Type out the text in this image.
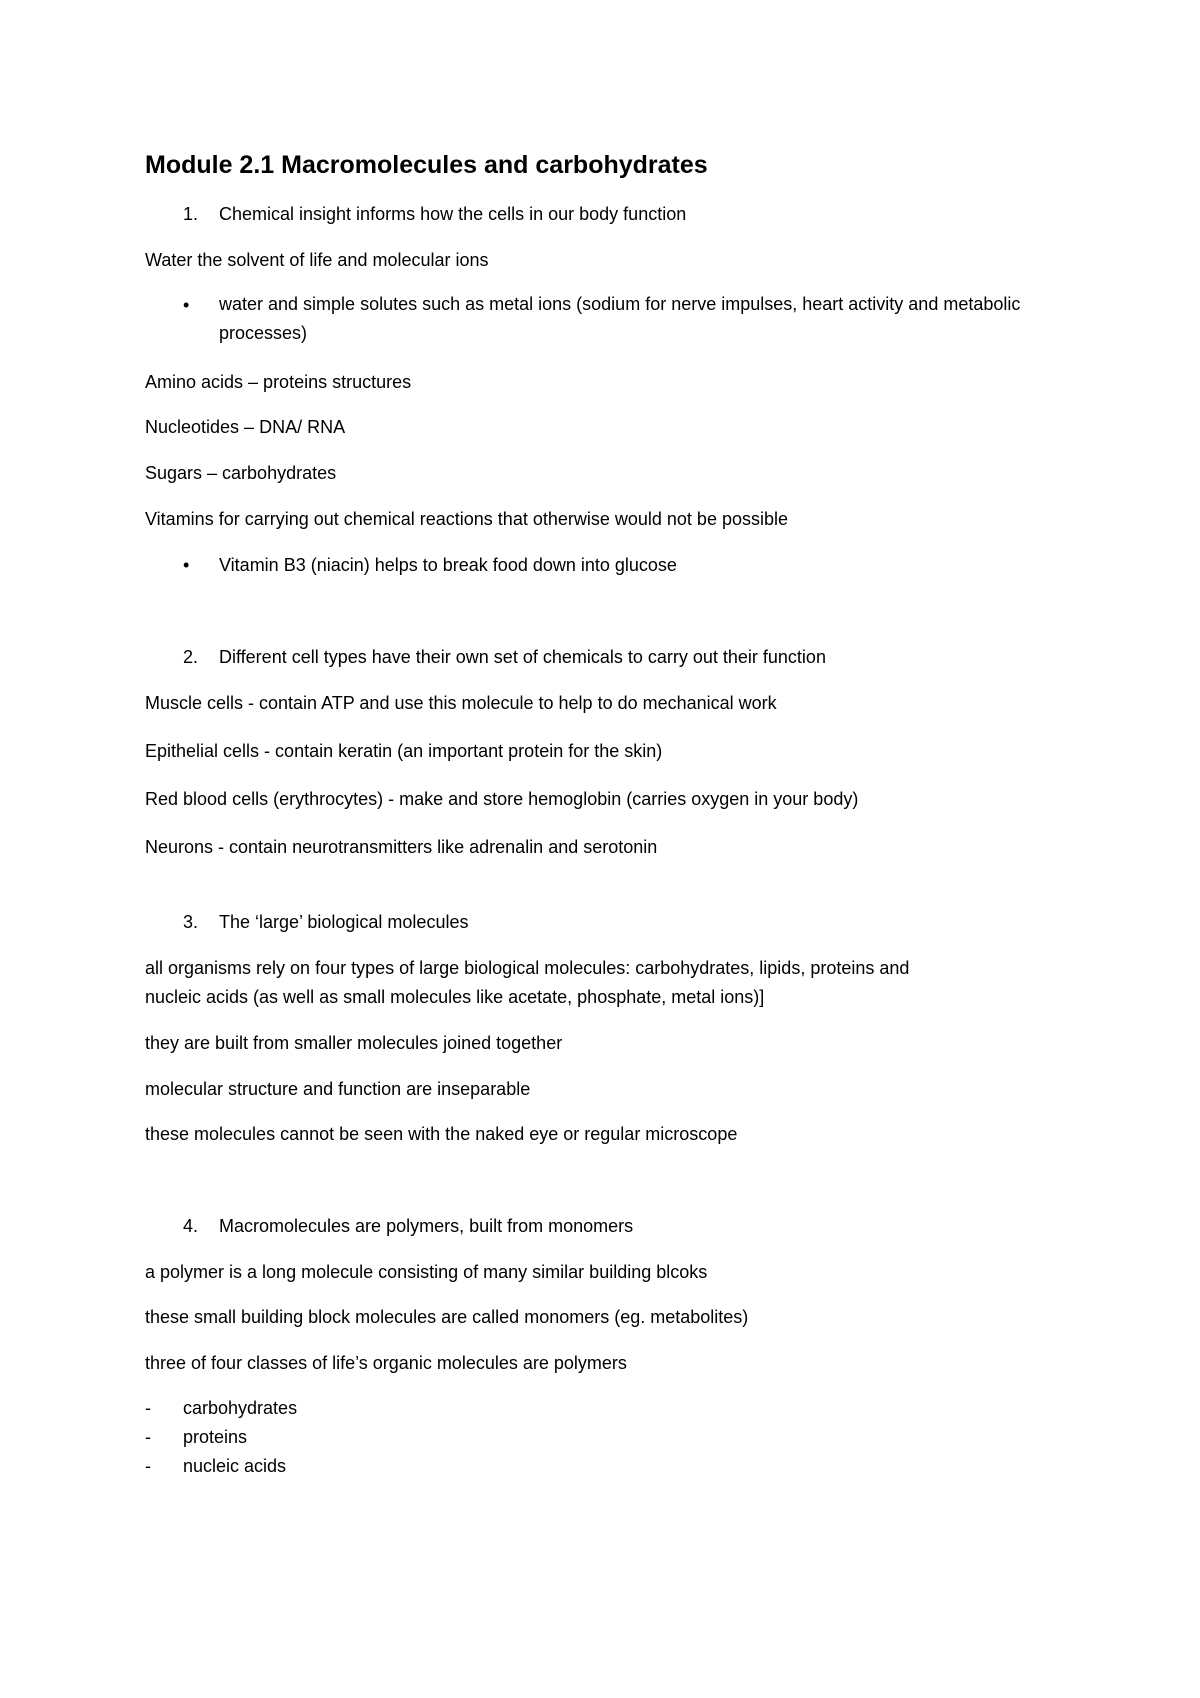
Module 2.1 Macromolecules and carbohydrates
1. Chemical insight informs how the cells in our body function
Water the solvent of life and molecular ions
• water and simple solutes such as metal ions (sodium for nerve impulses, heart activity and metabolic processes)
Amino acids – proteins structures
Nucleotides – DNA/ RNA
Sugars – carbohydrates
Vitamins for carrying out chemical reactions that otherwise would not be possible
• Vitamin B3 (niacin) helps to break food down into glucose
2. Different cell types have their own set of chemicals to carry out their function
Muscle cells - contain ATP and use this molecule to help to do mechanical work
Epithelial cells - contain keratin (an important protein for the skin)
Red blood cells (erythrocytes) - make and store hemoglobin (carries oxygen in your body)
Neurons - contain neurotransmitters like adrenalin and serotonin
3. The ‘large’ biological molecules
all organisms rely on four types of large biological molecules: carbohydrates, lipids, proteins and
nucleic acids (as well as small molecules like acetate, phosphate, metal ions)]
they are built from smaller molecules joined together
molecular structure and function are inseparable
these molecules cannot be seen with the naked eye or regular microscope
4. Macromolecules are polymers, built from monomers
a polymer is a long molecule consisting of many similar building blcoks
these small building block molecules are called monomers (eg. metabolites)
three of four classes of life’s organic molecules are polymers
- carbohydrates
- proteins
- nucleic acids
